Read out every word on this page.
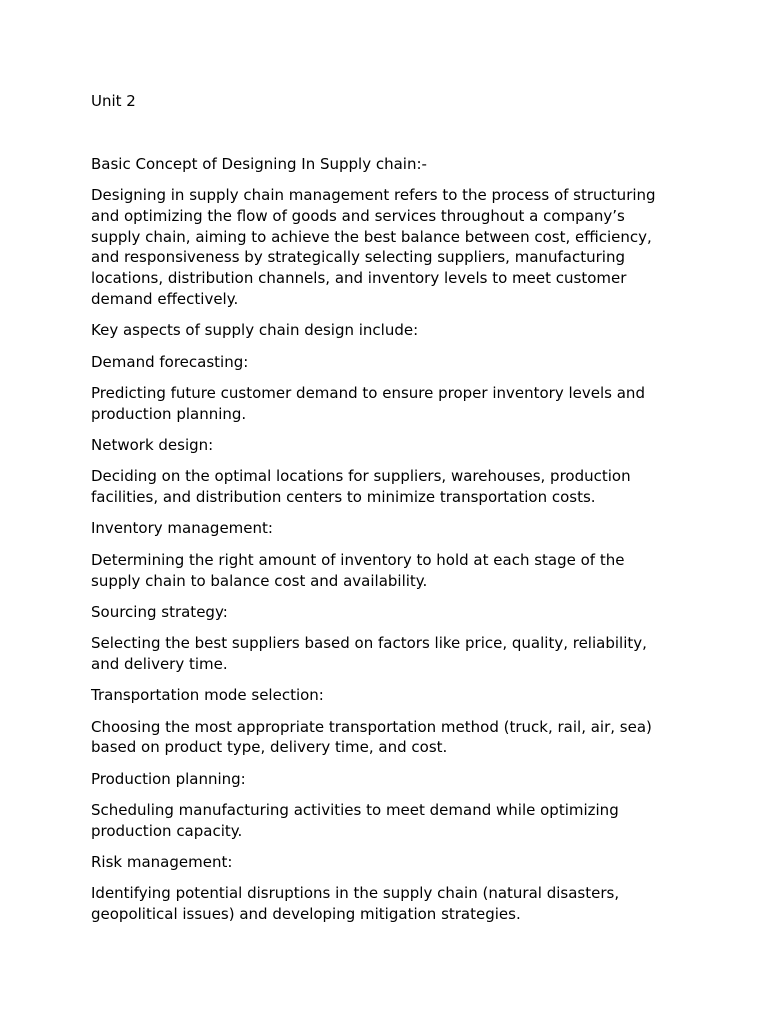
Unit 2

Basic Concept of Designing In Supply chain:-

Designing in supply chain management refers to the process of structuring and optimizing the flow of goods and services throughout a company’s supply chain, aiming to achieve the best balance between cost, efficiency, and responsiveness by strategically selecting suppliers, manufacturing locations, distribution channels, and inventory levels to meet customer demand effectively.

Key aspects of supply chain design include:

Demand forecasting:

Predicting future customer demand to ensure proper inventory levels and production planning.

Network design:

Deciding on the optimal locations for suppliers, warehouses, production facilities, and distribution centers to minimize transportation costs.

Inventory management:

Determining the right amount of inventory to hold at each stage of the supply chain to balance cost and availability.

Sourcing strategy:

Selecting the best suppliers based on factors like price, quality, reliability, and delivery time.

Transportation mode selection:

Choosing the most appropriate transportation method (truck, rail, air, sea) based on product type, delivery time, and cost.

Production planning:

Scheduling manufacturing activities to meet demand while optimizing production capacity.

Risk management:

Identifying potential disruptions in the supply chain (natural disasters, geopolitical issues) and developing mitigation strategies.
